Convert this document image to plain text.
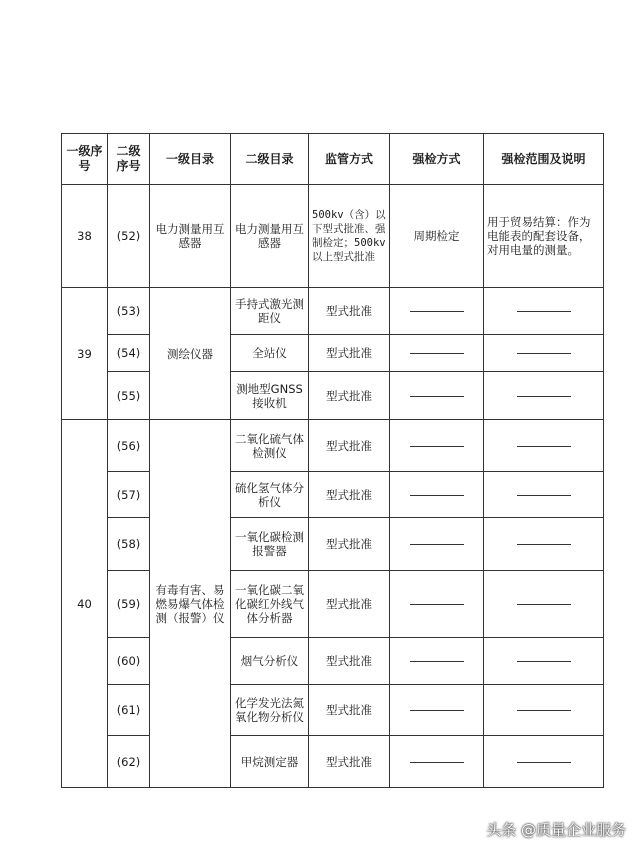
一级序号	二级序号	一级目录	二级目录	监管方式	强检方式	强检范围及说明
38	(52)	电力测量用互感器	电力测量用互感器	500kv（含）以下型式批准、强制检定；500kv 以上型式批准	周期检定	用于贸易结算：作为电能表的配套设备，对用电量的测量。
39	(53)	测绘仪器	手持式激光测距仪	型式批准		
	(54)		全站仪	型式批准		
	(55)		测地型GNSS接收机	型式批准		
40	(56)	有毒有害、易燃易爆气体检测（报警）仪	二氧化硫气体检测仪	型式批准		
	(57)		硫化氢气体分析仪	型式批准		
	(58)		一氧化碳检测报警器	型式批准		
	(59)		一氧化碳二氧化碳红外线气体分析器	型式批准		
	(60)		烟气分析仪	型式批准		
	(61)		化学发光法氮氧化物分析仪	型式批准		
	(62)		甲烷测定器	型式批准		
头条 @质量企业服务
